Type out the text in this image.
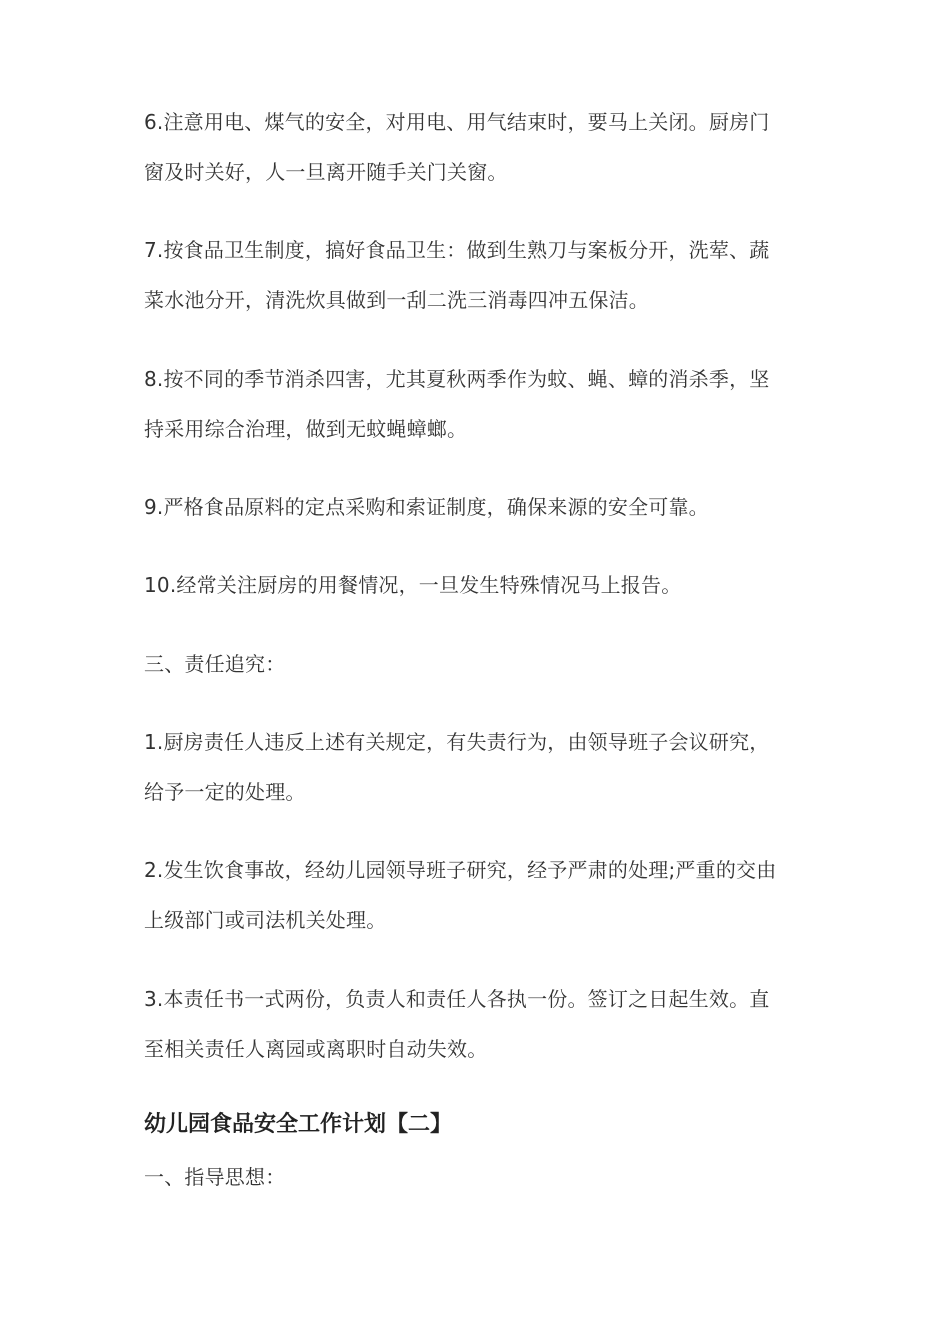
6.注意用电、煤气的安全，对用电、用气结束时，要马上关闭。厨房门
窗及时关好，人一旦离开随手关门关窗。
7.按食品卫生制度，搞好食品卫生：做到生熟刀与案板分开，洗荤、蔬
菜水池分开，清洗炊具做到一刮二洗三消毒四冲五保洁。
8.按不同的季节消杀四害，尤其夏秋两季作为蚊、蝇、蟑的消杀季，坚
持采用综合治理，做到无蚊蝇蟑螂。
9.严格食品原料的定点采购和索证制度，确保来源的安全可靠。
10.经常关注厨房的用餐情况，一旦发生特殊情况马上报告。
三、责任追究：
1.厨房责任人违反上述有关规定，有失责行为，由领导班子会议研究，
给予一定的处理。
2.发生饮食事故，经幼儿园领导班子研究，经予严肃的处理;严重的交由
上级部门或司法机关处理。
3.本责任书一式两份，负责人和责任人各执一份。签订之日起生效。直
至相关责任人离园或离职时自动失效。
幼儿园食品安全工作计划【二】
一、指导思想：
